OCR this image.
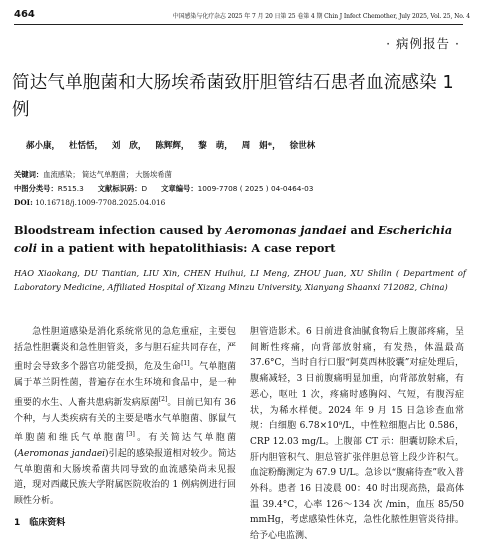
464	中国感染与化疗杂志 2025 年 7 月 20 日第 25 卷第 4 期 Chin J Infect Chemother, July 2025, Vol. 25, No. 4
· 病例报告 ·
简达气单胞菌和大肠埃希菌致肝胆管结石患者血流感染 1 例
郝小康， 杜恬恬， 刘 欣， 陈辉辉， 黎 萌， 周 娟*， 徐世林
关键词：血流感染； 简达气单胞菌； 大肠埃希菌
中图分类号：R515.3 文献标识码：D 文章编号：1009-7708 ( 2025 ) 04-0464-03
DOI: 10.16718/j.1009-7708.2025.04.016
Bloodstream infection caused by Aeromonas jandaei and Escherichia coli in a patient with hepatolithiasis: A case report
HAO Xiaokang, DU Tiantian, LIU Xin, CHEN Huihui, LI Meng, ZHOU Juan, XU Shilin ( Department of Laboratory Medicine, Affiliated Hospital of Xizang Minzu University, Xianyang Shaanxi 712082, China)
急性胆道感染是消化系统常见的急危重症，主要包括急性胆囊炎和急性胆管炎，多与胆石症共同存在，严重时会导致多个器官功能受损，危及生命[1]。气单胞菌属于革兰阴性菌，普遍存在水生环境和食品中，是一种重要的水生、人畜共患病新发病原菌[2]。目前已知有 36 个种，与人类疾病有关的主要是嗜水气单胞菌、豚鼠气单胞菌和维氏气单胞菌[3]。有关简达气单胞菌(Aeromonas jandaei)引起的感染报道相对较少。简达气单胞菌和大肠埃希菌共同导致的血流感染尚未见报道，现对西藏民族大学附属医院收治的 1 例病例进行回顾性分析。
1　临床资料
胆管造影术。6 日前进食油腻食物后上腹部疼痛，呈间断性疼痛，向背部放射痛，有发热，体温最高 37.6°C，当时自行口服“阿莫西林胶囊”对症处理后，腹痛减轻，3 日前腹痛明显加重，向背部放射痛，有恶心，呕吐 1 次，疼痛时感胸闷、气短，有腹泻症状，为稀水样便。2024 年 9 月 15 日急诊查血常规：白细胞 6.78×10⁹/L，中性粒细胞占比 0.586，CRP 12.03 mg/L。上腹部 CT 示：胆囊切除术后，肝内胆管积气、胆总管扩张伴胆总管上段少许积气。血淀粉酶测定为 67.9 U/L。急诊以“腹痛待查”收入普外科。患者 16 日凌晨 00：40 时出现高热，最高体温 39.4°C，心率 126～134 次 /min，血压 85/50 mmHg，考虑感染性休克，急性化脓性胆管炎待排。给予心电监测、
